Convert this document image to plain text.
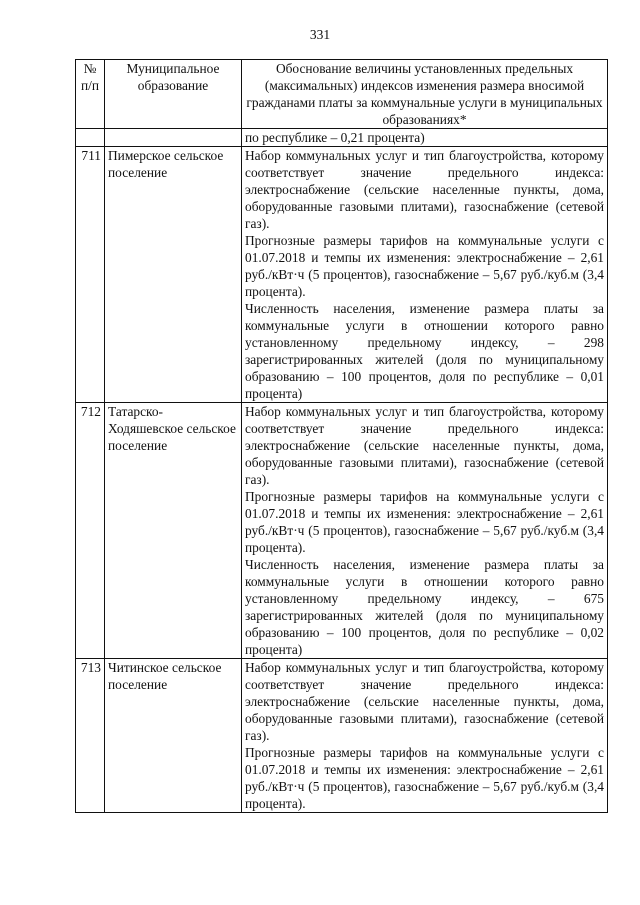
331
№ п/п	Муниципальное образование	Обоснование величины установленных предельных (максимальных) индексов изменения размера вносимой гражданами платы за коммунальные услуги в муниципальных образованиях*
		по республике – 0,21 процента)
711	Пимерское сельское поселение	Набор коммунальных услуг и тип благоустройства, которому соответствует значение предельного индекса: электроснабжение (сельские населенные пункты, дома, оборудованные газовыми плитами), газоснабжение (сетевой газ).

Прогнозные размеры тарифов на коммунальные услуги с 01.07.2018 и темпы их изменения: электроснабжение – 2,61 руб./кВт·ч (5 процентов), газоснабжение – 5,67 руб./куб.м (3,4 процента).

Численность населения, изменение размера платы за коммунальные услуги в отношении которого равно установленному предельному индексу, – 298 зарегистрированных жителей (доля по муниципальному образованию – 100 процентов, доля по республике – 0,01 процента)

712	Татарско-Ходяшевское сельское поселение	Набор коммунальных услуг и тип благоустройства, которому соответствует значение предельного индекса: электроснабжение (сельские населенные пункты, дома, оборудованные газовыми плитами), газоснабжение (сетевой газ).

Прогнозные размеры тарифов на коммунальные услуги с 01.07.2018 и темпы их изменения: электроснабжение – 2,61 руб./кВт·ч (5 процентов), газоснабжение – 5,67 руб./куб.м (3,4 процента).

Численность населения, изменение размера платы за коммунальные услуги в отношении которого равно установленному предельному индексу, – 675 зарегистрированных жителей (доля по муниципальному образованию – 100 процентов, доля по республике – 0,02 процента)

713	Читинское сельское поселение	Набор коммунальных услуг и тип благоустройства, которому соответствует значение предельного индекса: электроснабжение (сельские населенные пункты, дома, оборудованные газовыми плитами), газоснабжение (сетевой газ).

Прогнозные размеры тарифов на коммунальные услуги с 01.07.2018 и темпы их изменения: электроснабжение – 2,61 руб./кВт·ч (5 процентов), газоснабжение – 5,67 руб./куб.м (3,4 процента).
